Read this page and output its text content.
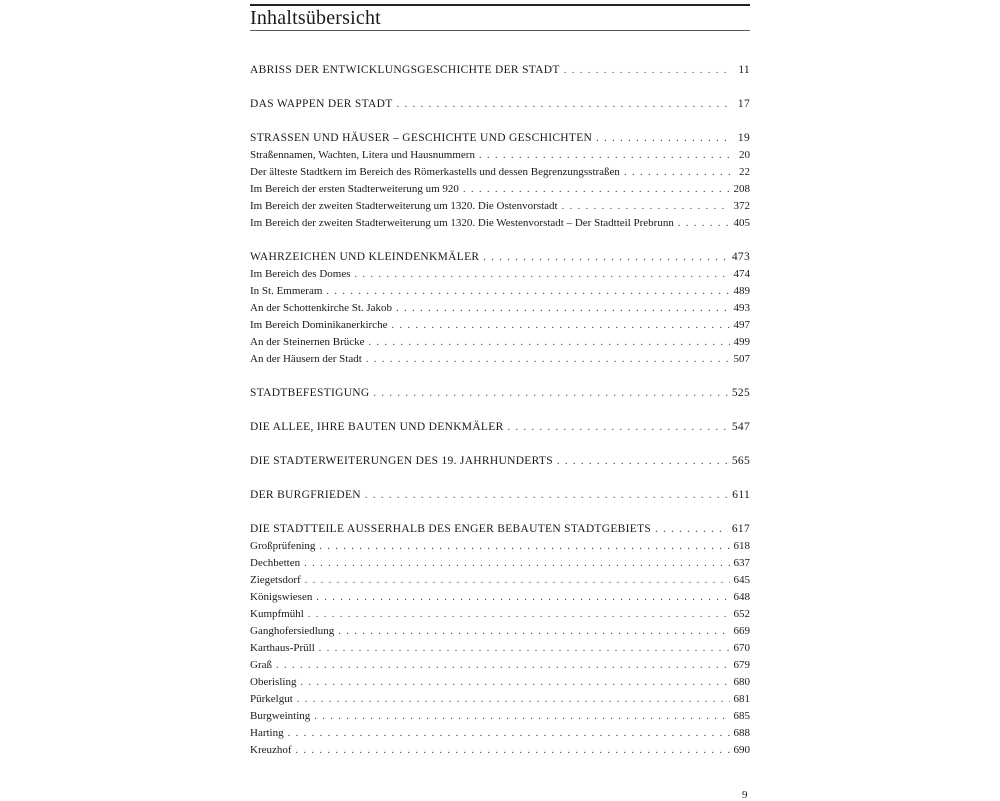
Inhaltsübersicht
ABRISS DER ENTWICKLUNGSGESCHICHTE DER STADT . . .	11
DAS WAPPEN DER STADT . . .	17
STRASSEN UND HÄUSER – GESCHICHTE UND GESCHICHTEN . . .	19
Straßennamen, Wachten, Litera und Hausnummern . . .	20
Der älteste Stadtkern im Bereich des Römerkastells und dessen Begrenzungsstraßen . . .	22
Im Bereich der ersten Stadterweiterung um 920 . . .	208
Im Bereich der zweiten Stadterweiterung um 1320. Die Ostenvorstadt . . .	372
Im Bereich der zweiten Stadterweiterung um 1320. Die Westenvorstadt – Der Stadtteil Prebrunn . . .	405
WAHRZEICHEN UND KLEINDENKMÄLER . . .	473
Im Bereich des Domes . . .	474
In St. Emmeram . . .	489
An der Schottenkirche St. Jakob . . .	493
Im Bereich Dominikanerkirche . . .	497
An der Steinernen Brücke . . .	499
An der Häusern der Stadt . . .	507
STADTBEFESTIGUNG . . .	525
DIE ALLEE, IHRE BAUTEN UND DENKMÄLER . . .	547
DIE STADTERWEITERUNGEN DES 19. JAHRHUNDERTS . . .	565
DER BURGFRIEDEN . . .	611
DIE STADTTEILE AUSSERHALB DES ENGER BEBAUTEN STADTGEBIETS . . .	617
Großprüfening . . .	618
Dechbetten . . .	637
Ziegetsdorf . . .	645
Königswiesen . . .	648
Kumpfmühl . . .	652
Ganghofersiedlung . . .	669
Karthaus-Prüll . . .	670
Graß . . .	679
Oberisling . . .	680
Pürkelgut . . .	681
Burgweinting . . .	685
Harting . . .	688
Kreuzhof . . .	690
9
